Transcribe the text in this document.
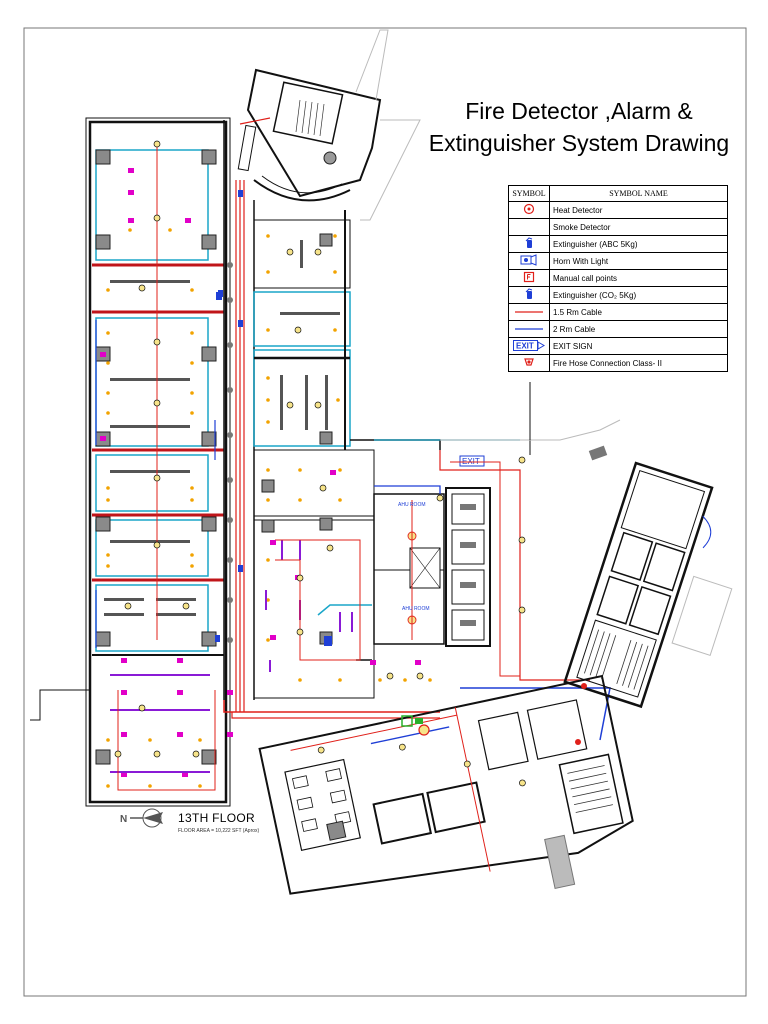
AHU ROOM
AHU ROOM
EXIT
N
Fire Detector ,Alarm &
Extinguisher System Drawing
SYMBOL	SYMBOL NAME
	Heat Detector
	Smoke Detector
	Extinguisher (ABC 5Kg)
	Horn With Light
	Manual call points
	Extinguisher (CO₂ 5Kg)
	1.5 Rm Cable
	2 Rm Cable

EXIT	EXIT SIGN
	Fire Hose Connection Class- II
13TH FLOOR
FLOOR AREA = 10,222 SFT (Aprox)
